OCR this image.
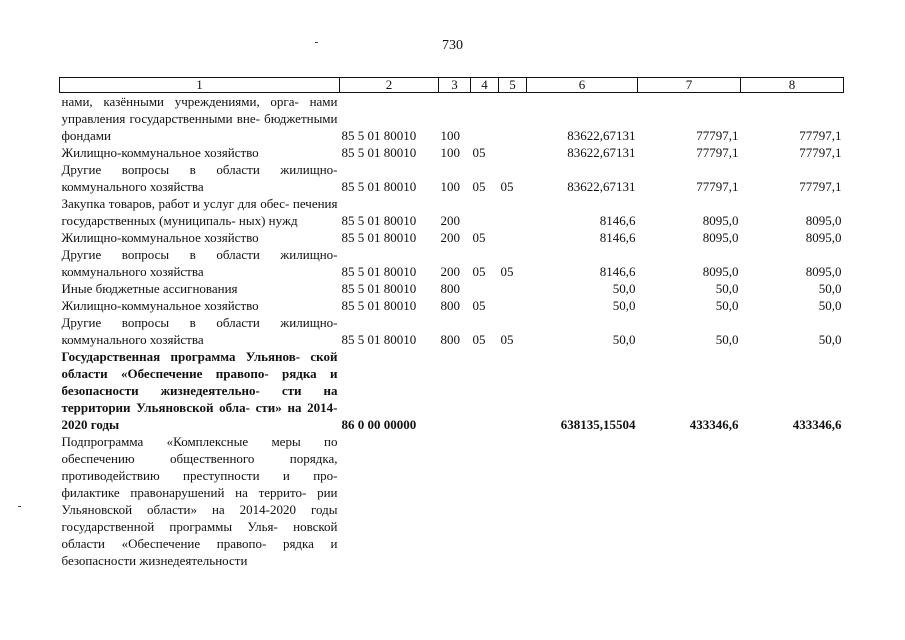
730
1	2	3	4	5	6	7	8
нами, казёнными учреждениями, орга- нами управления государственными вне- бюджетными фондами	85 5 01 80010	100			83622,67131	77797,1	77797,1
Жилищно-коммунальное хозяйство	85 5 01 80010	100	05		83622,67131	77797,1	77797,1
Другие вопросы в области жилищно- коммунального хозяйства	85 5 01 80010	100	05	05	83622,67131	77797,1	77797,1
Закупка товаров, работ и услуг для обес- печения государственных (муниципаль- ных) нужд	85 5 01 80010	200			8146,6	8095,0	8095,0
Жилищно-коммунальное хозяйство	85 5 01 80010	200	05		8146,6	8095,0	8095,0
Другие вопросы в области жилищно- коммунального хозяйства	85 5 01 80010	200	05	05	8146,6	8095,0	8095,0
Иные бюджетные ассигнования	85 5 01 80010	800			50,0	50,0	50,0
Жилищно-коммунальное хозяйство	85 5 01 80010	800	05		50,0	50,0	50,0
Другие вопросы в области жилищно- коммунального хозяйства	85 5 01 80010	800	05	05	50,0	50,0	50,0
Государственная программа Ульянов- ской области «Обеспечение правопо- рядка и безопасности жизнедеятельно- сти на территории Ульяновской обла- сти» на 2014-2020 годы	86 0 00 00000				638135,15504	433346,6	433346,6
Подпрограмма «Комплексные меры по обеспечению общественного порядка, противодействию преступности и про- филактике правонарушений на террито- рии Ульяновской области» на 2014-2020 годы государственной программы Улья- новской области «Обеспечение правопо- рядка и безопасности жизнедеятельности							
